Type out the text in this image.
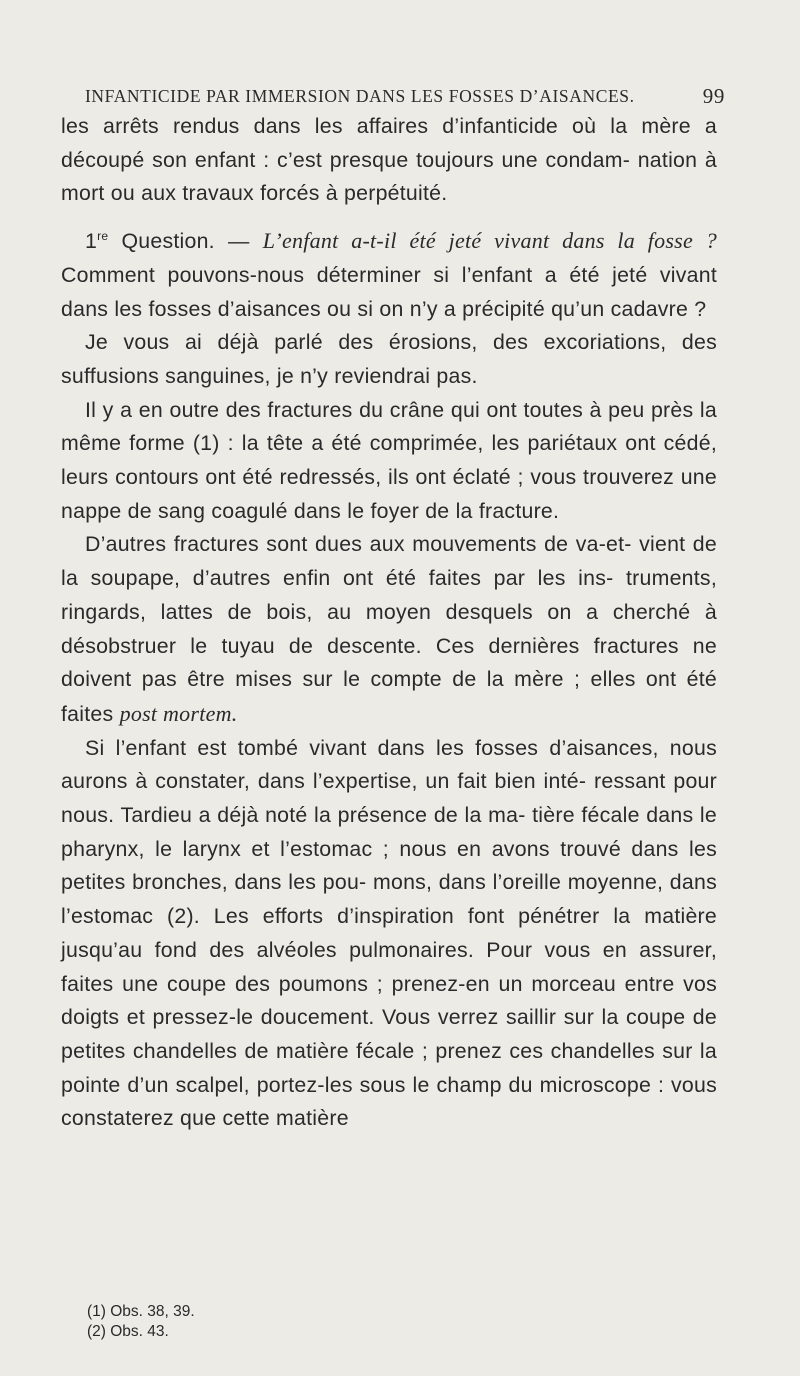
INFANTICIDE PAR IMMERSION DANS LES FOSSES D’AISANCES.	99

les arrêts rendus dans les affaires d’infanticide où la mère a découpé son enfant : c’est presque toujours une condam- nation à mort ou aux travaux forcés à perpétuité.

1re Question. — L’enfant a-t-il été jeté vivant dans la fosse ? Comment pouvons-nous déterminer si l’enfant a été jeté vivant dans les fosses d’aisances ou si on n’y a précipité qu’un cadavre ?

Je vous ai déjà parlé des érosions, des excoriations, des suffusions sanguines, je n’y reviendrai pas.

Il y a en outre des fractures du crâne qui ont toutes à peu près la même forme (1) : la tête a été comprimée, les pariétaux ont cédé, leurs contours ont été redressés, ils ont éclaté ; vous trouverez une nappe de sang coagulé dans le foyer de la fracture.

D’autres fractures sont dues aux mouvements de va-et- vient de la soupape, d’autres enfin ont été faites par les ins- truments, ringards, lattes de bois, au moyen desquels on a cherché à désobstruer le tuyau de descente. Ces dernières fractures ne doivent pas être mises sur le compte de la mère ; elles ont été faites post mortem.

Si l’enfant est tombé vivant dans les fosses d’aisances, nous aurons à constater, dans l’expertise, un fait bien inté- ressant pour nous. Tardieu a déjà noté la présence de la ma- tière fécale dans le pharynx, le larynx et l’estomac ; nous en avons trouvé dans les petites bronches, dans les pou- mons, dans l’oreille moyenne, dans l’estomac (2). Les efforts d’inspiration font pénétrer la matière jusqu’au fond des alvéoles pulmonaires. Pour vous en assurer, faites une coupe des poumons ; prenez-en un morceau entre vos doigts et pressez-le doucement. Vous verrez saillir sur la coupe de petites chandelles de matière fécale ; prenez ces chandelles sur la pointe d’un scalpel, portez-les sous le champ du microscope : vous constaterez que cette matière

(1) Obs. 38, 39.
(2) Obs. 43.
